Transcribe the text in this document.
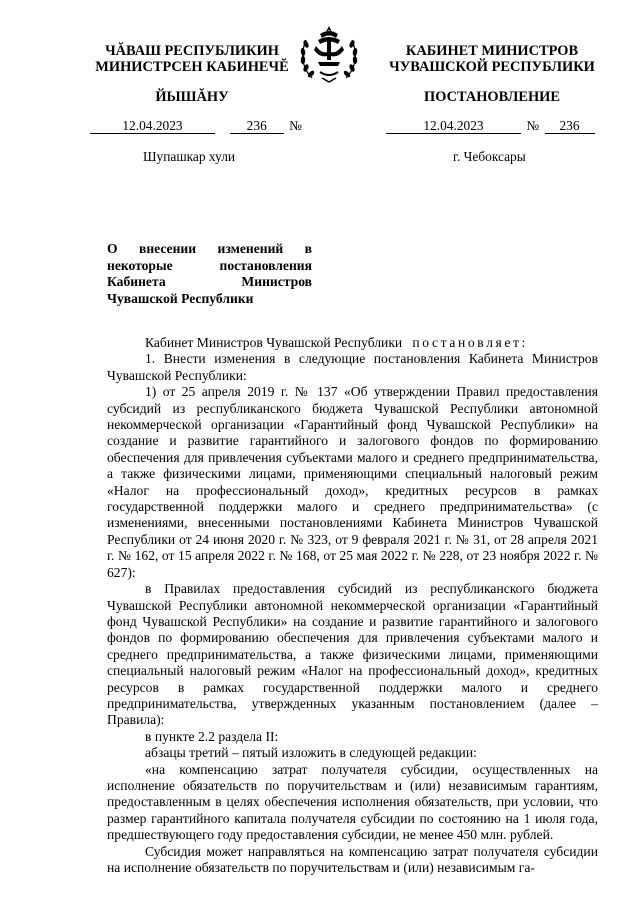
ЧĂВАШ РЕСПУБЛИКИН
МИНИСТРСЕН КАБИНЕЧĔ
КАБИНЕТ МИНИСТРОВ
ЧУВАШСКОЙ РЕСПУБЛИКИ
ЙЫШĂНУ	ПОСТАНОВЛЕНИЕ
12.04.2023	236 №	12.04.2023	№ 236
Шупашкар хули	г. Чебоксары
О внесении изменений в некоторые постановления Кабинета Министров Чувашской Республики

Кабинет Министров Чувашской Республики постановляет:

1. Внести изменения в следующие постановления Кабинета Министров Чувашской Республики:

1) от 25 апреля 2019 г. № 137 «Об утверждении Правил предоставления субсидий из республиканского бюджета Чувашской Республики автономной некоммерческой организации «Гарантийный фонд Чувашской Республики» на создание и развитие гарантийного и залогового фондов по формированию обеспечения для привлечения субъектами малого и среднего предпринимательства, а также физическими лицами, применяющими специальный налоговый режим «Налог на профессиональный доход», кредитных ресурсов в рамках государственной поддержки малого и среднего предпринимательства» (с изменениями, внесенными постановлениями Кабинета Министров Чувашской Республики от 24 июня 2020 г. № 323, от 9 февраля 2021 г. № 31, от 28 апреля 2021 г. № 162, от 15 апреля 2022 г. № 168, от 25 мая 2022 г. № 228, от 23 ноября 2022 г. № 627):

в Правилах предоставления субсидий из республиканского бюджета Чувашской Республики автономной некоммерческой организации «Гарантийный фонд Чувашской Республики» на создание и развитие гарантийного и залогового фондов по формированию обеспечения для привлечения субъектами малого и среднего предпринимательства, а также физическими лицами, применяющими специальный налоговый режим «Налог на профессиональный доход», кредитных ресурсов в рамках государственной поддержки малого и среднего предпринимательства, утвержденных указанным постановлением (далее – Правила):

в пункте 2.2 раздела II:

абзацы третий – пятый изложить в следующей редакции:

«на компенсацию затрат получателя субсидии, осуществленных на исполнение обязательств по поручительствам и (или) независимым гарантиям, предоставленным в целях обеспечения исполнения обязательств, при условии, что размер гарантийного капитала получателя субсидии по состоянию на 1 июля года, предшествующего году предоставления субсидии, не менее 450 млн. рублей.

Субсидия может направляться на компенсацию затрат получателя субсидии на исполнение обязательств по поручительствам и (или) независимым га-
